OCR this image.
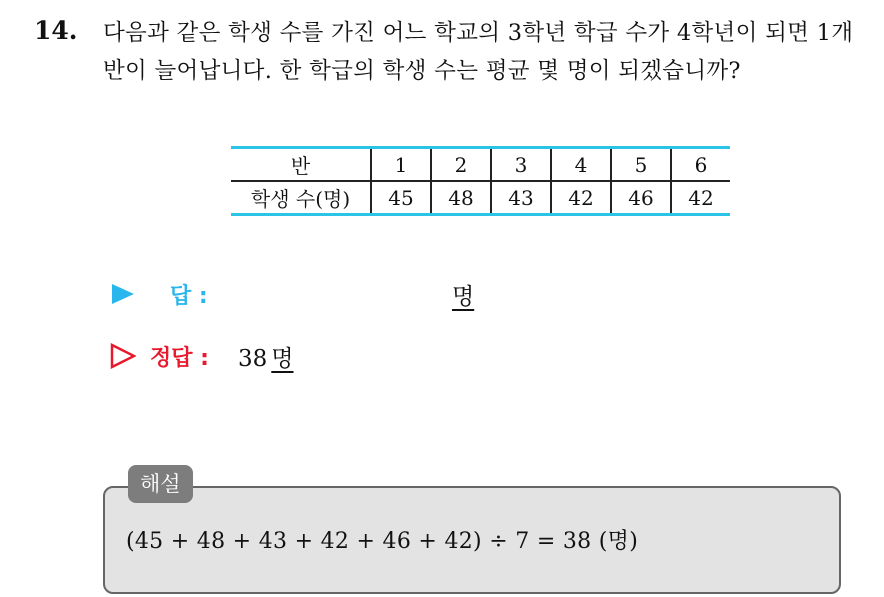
14. 다음과 같은 학생 수를 가진 어느 학교의 3학년 학급 수가 4학년이 되면 1개 반이 늘어납니다. 한 학급의 학생 수는 평균 몇 명이 되겠습니까?
반	1	2	3	4	5	6
학생 수(명)	45	48	43	42	46	42
답 :	명
정답 : 38 명
해설
(45 + 48 + 43 + 42 + 46 + 42) ÷ 7 = 38 (명)
